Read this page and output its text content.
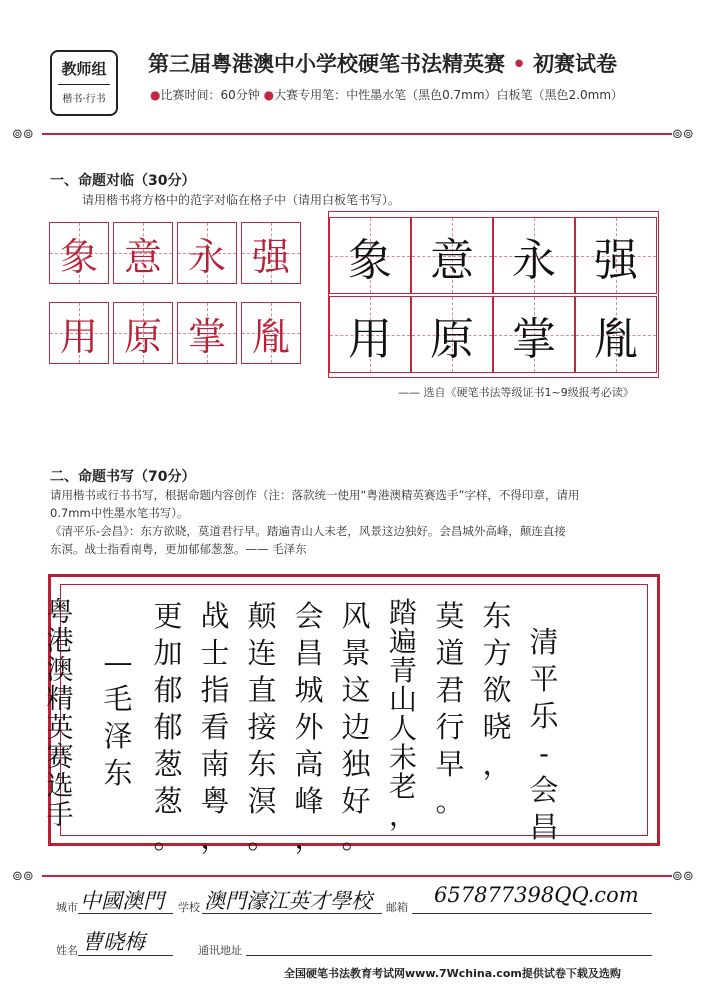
教师组
楷书·行书
第三届粤港澳中小学校硬笔书法精英赛 • 初赛试卷
●比赛时间：60分钟 ●大赛专用笔：中性墨水笔（黑色0.7mm）白板笔（黑色2.0mm）
⊚⊚	⊚⊚
一、命题对临（30分）
请用楷书将方格中的范字对临在格子中（请用白板笔书写）。
象 意 永 强
用 原 掌 胤
象 意 永 强
用 原 掌 胤
—— 选自《硬笔书法等级证书1~9级报考必读》
二、命题书写（70分）
请用楷书或行书书写，根据命题内容创作（注：落款统一使用“粤港澳精英赛选手”字样，不得印章，请用
0.7mm中性墨水笔书写）。
《清平乐-会昌》：东方欲晓，莫道君行早。踏遍青山人未老，风景这边独好。会昌城外高峰，颠连直接
东溟。战士指看南粤，更加郁郁葱葱。—— 毛泽东
清
平
乐
-
会
昌
东
方
欲
晓
，
莫
道
君
行
早
。
踏
遍
青
山
人
未
老
，
风
景
这
边
独
好
。
会
昌
城
外
高
峰
，
颠
连
直
接
东
溟
。
战
士
指
看
南
粤
，
更
加
郁
郁
葱
葱
。
—
毛
泽
东
粤
港
澳
精
英
赛
选
手
⊚⊚	⊚⊚
城市 中國澳門 学校 澳門濠江英才學校 邮箱
657877398QQ.com
姓名 曹晓梅	通讯地址
全国硬笔书法教育考试网www.7Wchina.com提供试卷下载及选购
